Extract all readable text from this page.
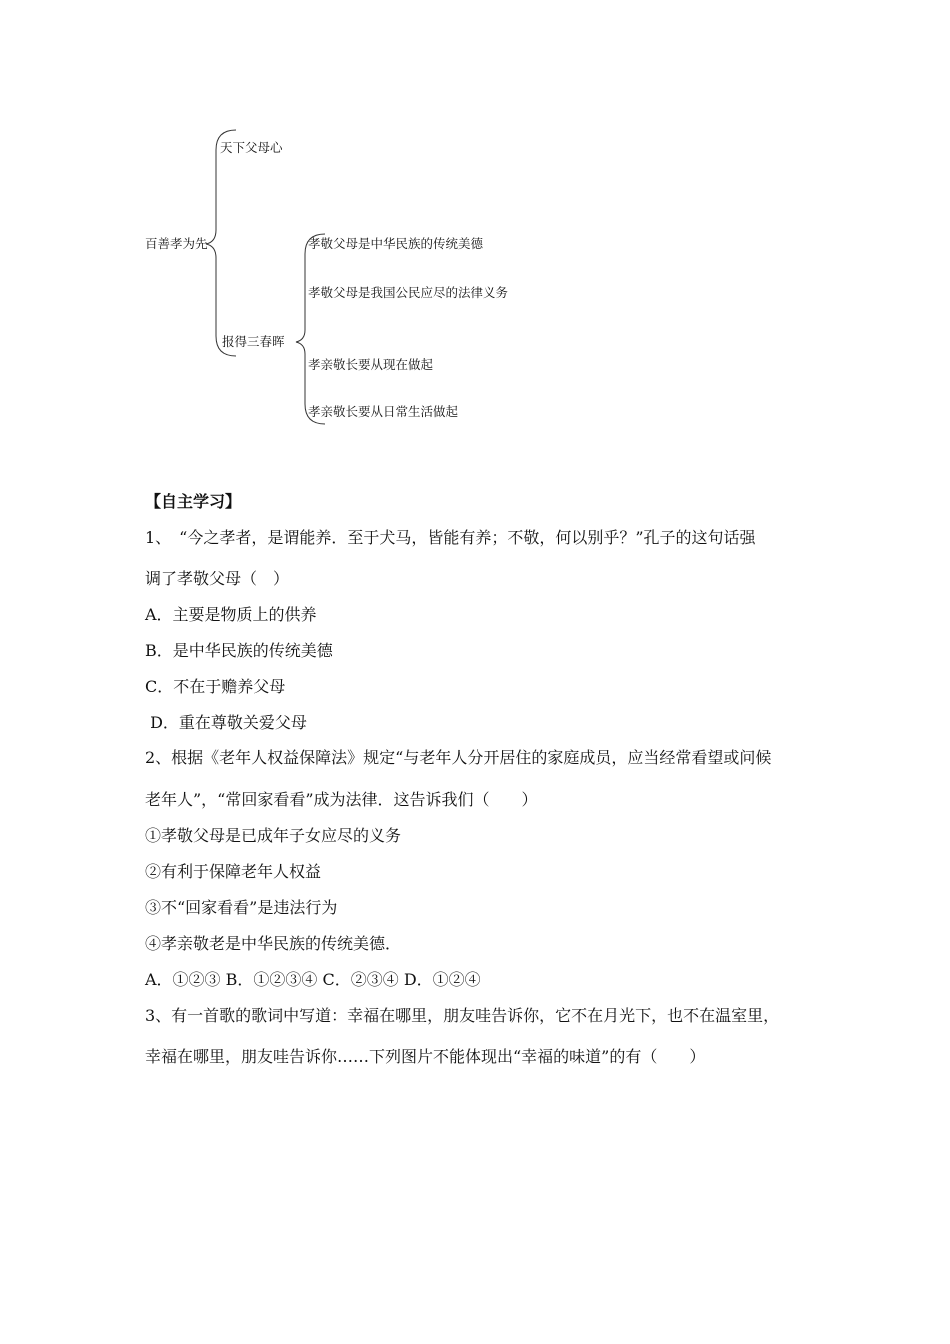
百善孝为先
天下父母心
报得三春晖
孝敬父母是中华民族的传统美德
孝敬父母是我国公民应尽的法律义务
孝亲敬长要从现在做起
孝亲敬长要从日常生活做起
【自主学习】
1、　“今之孝者，是谓能养．至于犬马，皆能有养；不敬，何以别乎？”孔子的这句话强
调了孝敬父母（　）
A．主要是物质上的供养
B．是中华民族的传统美德
C．不在于赡养父母
D．重在尊敬关爱父母
2、根据《老年人权益保障法》规定“与老年人分开居住的家庭成员，应当经常看望或问候
老年人”，“常回家看看”成为法律．这告诉我们（　　）
①孝敬父母是已成年子女应尽的义务
②有利于保障老年人权益
③不“回家看看”是违法行为
④孝亲敬老是中华民族的传统美德．
A．①②③ B．①②③④ C．②③④ D．①②④
3、有一首歌的歌词中写道：幸福在哪里，朋友哇告诉你，它不在月光下，也不在温室里，
幸福在哪里，朋友哇告诉你……下列图片不能体现出“幸福的味道”的有（　　）
